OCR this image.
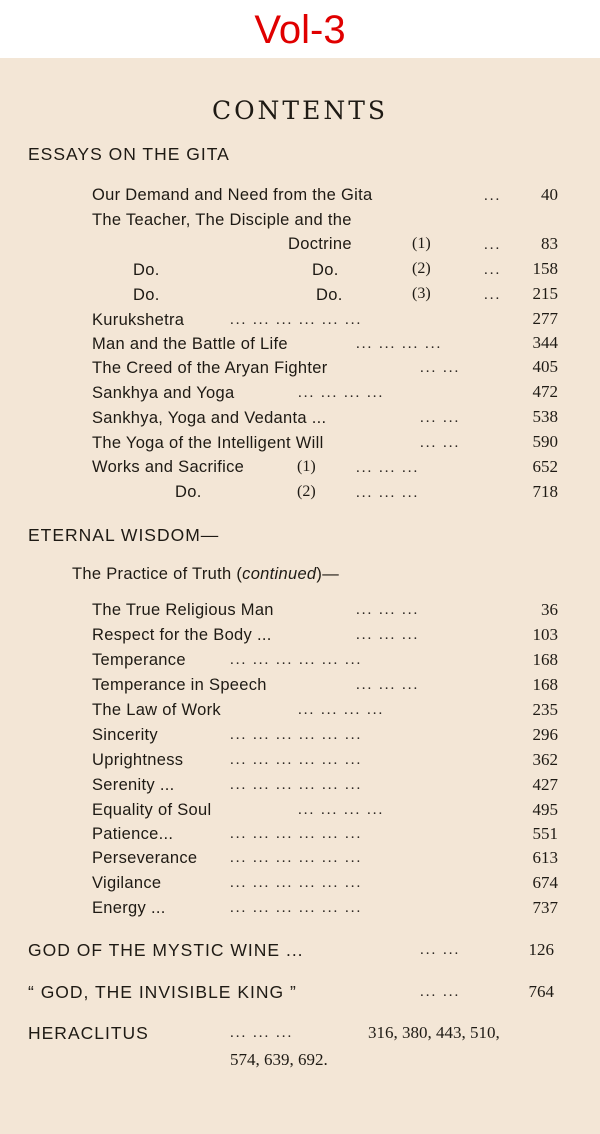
Vol-3
CONTENTS
ESSAYS ON THE GITA
Our Demand and Need from the Gita	...	40
The Teacher, The Disciple and the
Doctrine	(1)	...	83
Do.	Do.	(2)	...	158
Do.	Do.	(3)	...	215
Kurukshetra	... ... ... ... ... ...	277
Man and the Battle of Life	... ... ... ...	344
The Creed of the Aryan Fighter	... ...	405
Sankhya and Yoga	... ... ... ...	472
Sankhya, Yoga and Vedanta ...	... ...	538
The Yoga of the Intelligent Will	... ...	590
Works and Sacrifice	(1)	... ... ...	652
Do.	(2)	... ... ...	718
ETERNAL WISDOM—
The Practice of Truth (continued)—
The True Religious Man	... ... ...	36
Respect for the Body ...	... ... ...	103
Temperance	... ... ... ... ... ...	168
Temperance in Speech	... ... ...	168
The Law of Work	... ... ... ...	235
Sincerity	... ... ... ... ... ...	296
Uprightness	... ... ... ... ... ...	362
Serenity ...	... ... ... ... ... ...	427
Equality of Soul	... ... ... ...	495
Patience...	... ... ... ... ... ...	551
Perseverance ... ... ... ... ... ...	613
Vigilance	... ... ... ... ... ...	674
Energy ...	... ... ... ... ... ...	737
GOD OF THE MYSTIC WINE ...	... ...	126
“ GOD, THE INVISIBLE KING ”	... ...	764
HERACLITUS	... ... ...	316, 380, 443, 510,
574, 639, 692.
